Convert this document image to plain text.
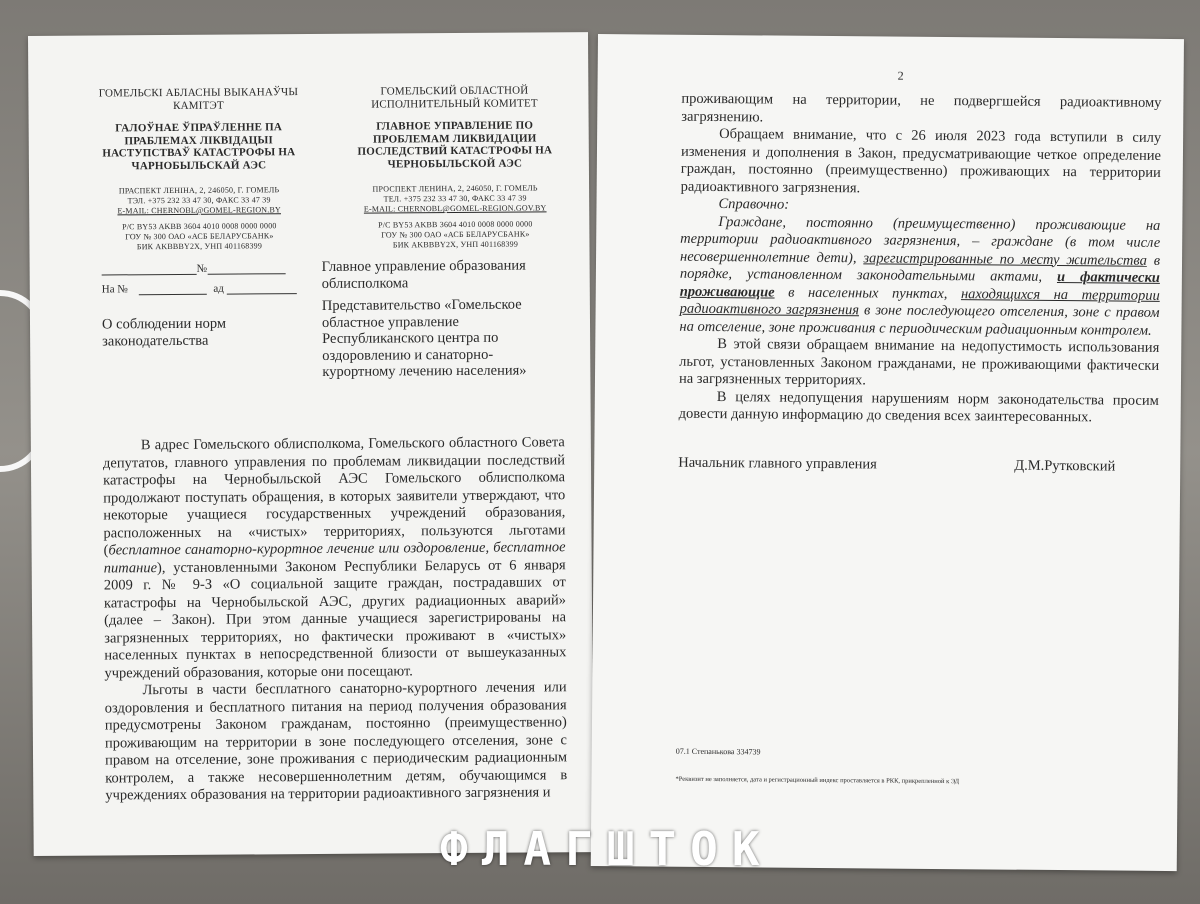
ГОМЕЛЬСКІ АБЛАСНЫ ВЫКАНАЎЧЫ КАМІТЭТ
ГАЛОЎНАЕ ЎПРАЎЛЕННЕ ПА ПРАБЛЕМАХ ЛІКВІДАЦЫІ НАСТУПСТВАЎ КАТАСТРОФЫ НА ЧАРНОБЫЛЬСКАЙ АЭС
ПРАСПЕКТ ЛЕНІНА, 2, 246050, Г. ГОМЕЛЬ
ТЭЛ. +375 232 33 47 30, ФАКС 33 47 39
E-MAIL: CHERNOBL@GOMEL-REGION.BY
Р/С BY53 AKBB 3604 4010 0008 0000 0000
ГОУ № 300 ОАО «АСБ БЕЛАРУСБАНК»
БИК AKBBBY2X, УНП 401168399
ГОМЕЛЬСКИЙ ОБЛАСТНОЙ ИСПОЛНИТЕЛЬНЫЙ КОМИТЕТ
ГЛАВНОЕ УПРАВЛЕНИЕ ПО ПРОБЛЕМАМ ЛИКВИДАЦИИ ПОСЛЕДСТВИЙ КАТАСТРОФЫ НА ЧЕРНОБЫЛЬСКОЙ АЭС
ПРОСПЕКТ ЛЕНИНА, 2, 246050, Г. ГОМЕЛЬ
ТЕЛ. +375 232 33 47 30, ФАКС 33 47 39
E-MAIL: CHERNOBL@GOMEL-REGION.GOV.BY
Р/С BY53 AKBB 3604 4010 0008 0000 0000
ГОУ № 300 ОАО «АСБ БЕЛАРУСБАНК»
БИК AKBBBY2X, УНП 401168399
№
На №	ад
О соблюдении норм законодательства
Главное управление образования облисполкома
Представительство «Гомельское областное управление Республиканского центра по оздоровлению и санаторно-курортному лечению населения»

В адрес Гомельского облисполкома, Гомельского областного Совета депутатов, главного управления по проблемам ликвидации последствий катастрофы на Чернобыльской АЭС Гомельского облисполкома продолжают поступать обращения, в которых заявители утверждают, что некоторые учащиеся государственных учреждений образования, расположенных на «чистых» территориях, пользуются льготами (бесплатное санаторно-курортное лечение или оздоровление, бесплатное питание), установленными Законом Республики Беларусь от 6 января 2009 г. № 9-З «О социальной защите граждан, пострадавших от катастрофы на Чернобыльской АЭС, других радиационных аварий» (далее – Закон). При этом данные учащиеся зарегистрированы на загрязненных территориях, но фактически проживают в «чистых» населенных пунктах в непосредственной близости от вышеуказанных учреждений образования, которые они посещают.

Льготы в части бесплатного санаторно-курортного лечения или оздоровления и бесплатного питания на период получения образования предусмотрены Законом гражданам, постоянно (преимущественно) проживающим на территории в зоне последующего отселения, зоне с правом на отселение, зоне проживания с периодическим радиационным контролем, а также несовершеннолетним детям, обучающимся в учреждениях образования на территории радиоактивного загрязнения и

2

проживающим на территории, не подвергшейся радиоактивному загрязнению.

Обращаем внимание, что с 26 июля 2023 года вступили в силу изменения и дополнения в Закон, предусматривающие четкое определение граждан, постоянно (преимущественно) проживающих на территории радиоактивного загрязнения.

Справочно:

Граждане, постоянно (преимущественно) проживающие на территории радиоактивного загрязнения, – граждане (в том числе несовершеннолетние дети), зарегистрированные по месту жительства в порядке, установленном законодательными актами, и фактически проживающие в населенных пунктах, находящихся на территории радиоактивного загрязнения в зоне последующего отселения, зоне с правом на отселение, зоне проживания с периодическим радиационным контролем.

В этой связи обращаем внимание на недопустимость использования льгот, установленных Законом гражданами, не проживающими фактически на загрязненных территориях.

В целях недопущения нарушениям норм законодательства просим довести данную информацию до сведения всех заинтересованных.

Начальник главного управления	Д.М.Рутковский
07.1 Степанькова 334739
*Реквизит не заполняется, дата и регистрационный индекс проставляется в РКК, прикрепленной к ЭД
ФЛАГШТОК
